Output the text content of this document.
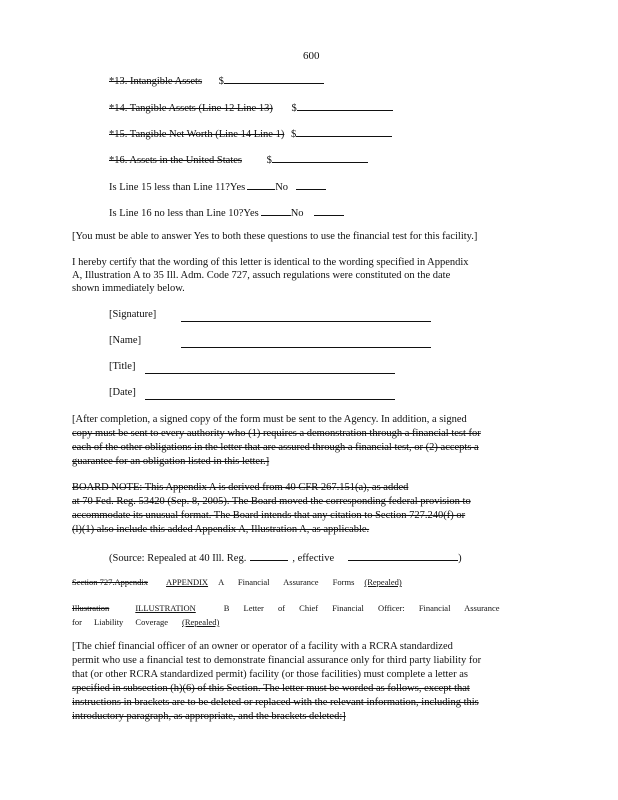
600
*13. Intangible Assets $
*14. Tangible Assets (Line 12 Line 13) $
*15. Tangible Net Worth (Line 14 Line 1) $
*16. Assets in the United States $
Is Line 15 less than Line 11?Yes	No
Is Line 16 no less than Line 10?Yes	No
[You must be able to answer Yes to both these questions to use the financial test for this facility.]
I hereby certify that the wording of this letter is identical to the wording specified in Appendix
A, Illustration A to 35 Ill. Adm. Code 727, assuch regulations were constituted on the date
shown immediately below.
[Signature]
[Name]
[Title]
[Date]
[After completion, a signed copy of the form must be sent to the Agency. In addition, a signed
copy must be sent to every authority who (1) requires a demonstration through a financial test for
each of the other obligations in the letter that are assured through a financial test, or (2) accepts a
guarantee for an obligation listed in this letter.]
BOARD NOTE: This Appendix A is derived from 40 CFR 267.151(a), as added
at 70 Fed. Reg. 53420 (Sep. 8, 2005). The Board moved the corresponding federal provision to
accommodate its unusual format. The Board intends that any citation to Section 727.240(f) or
(l)(1) also include this added Appendix A, Illustration A, as applicable.
(Source: Repealed at 40 Ill. Reg.	, effective	)
Section 727.Appendix APPENDIX A Financial Assurance Forms (Repealed)
Illustration	ILLUSTRATION	B Letter of Chief Financial Officer: Financial Assurance
for Liability Coverage (Repealed)
[The chief financial officer of an owner or operator of a facility with a RCRA standardized
permit who use a financial test to demonstrate financial assurance only for third party liability for
that (or other RCRA standardized permit) facility (or those facilities) must complete a letter as
specified in subsection (h)(6) of this Section. The letter must be worded as follows, except that
instructions in brackets are to be deleted or replaced with the relevant information, including this
introductory paragraph, as appropriate, and the brackets deleted:]
